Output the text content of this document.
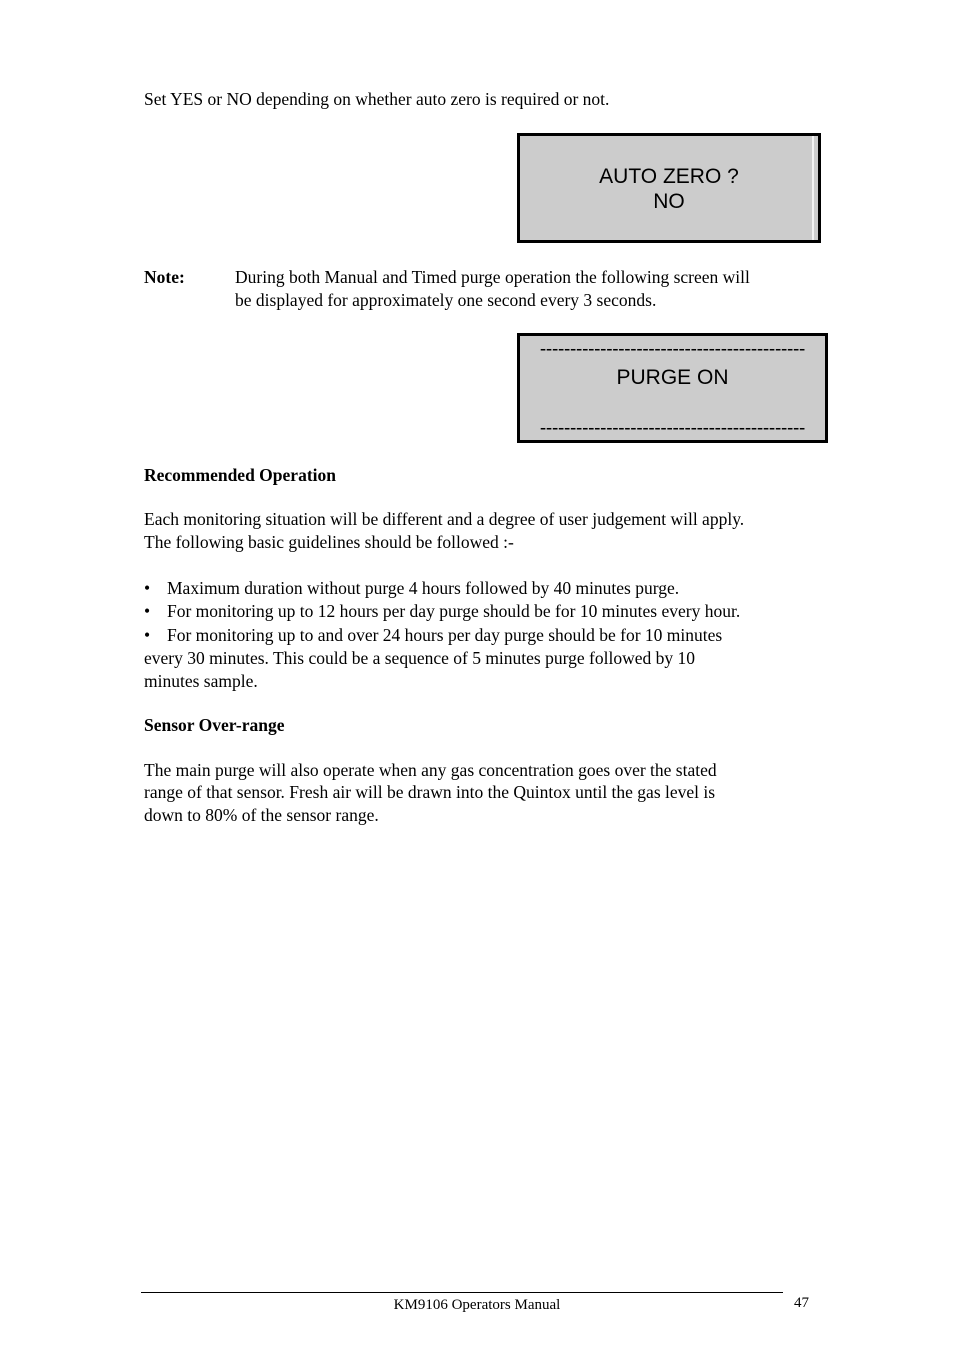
Set YES or NO depending on whether auto zero is required or not.

AUTO ZERO ?
NO
Note:	During both Manual and Timed purge operation the following screen will
be displayed for approximately one second every 3 seconds.
--------------------------------------------
PURGE ON
--------------------------------------------

Recommended Operation

Each monitoring situation will be different and a degree of user judgement will apply.

The following basic guidelines should be followed :-

• Maximum duration without purge 4 hours followed by 40 minutes purge.
• For monitoring up to 12 hours per day purge should be for 10 minutes every hour.
• For monitoring up to and over 24 hours per day purge should be for 10 minutes

every 30 minutes. This could be a sequence of 5 minutes purge followed by 10

minutes sample.

Sensor Over-range

The main purge will also operate when any gas concentration goes over the stated

range of that sensor. Fresh air will be drawn into the Quintox until the gas level is

down to 80% of the sensor range.

KM9106 Operators Manual	47
